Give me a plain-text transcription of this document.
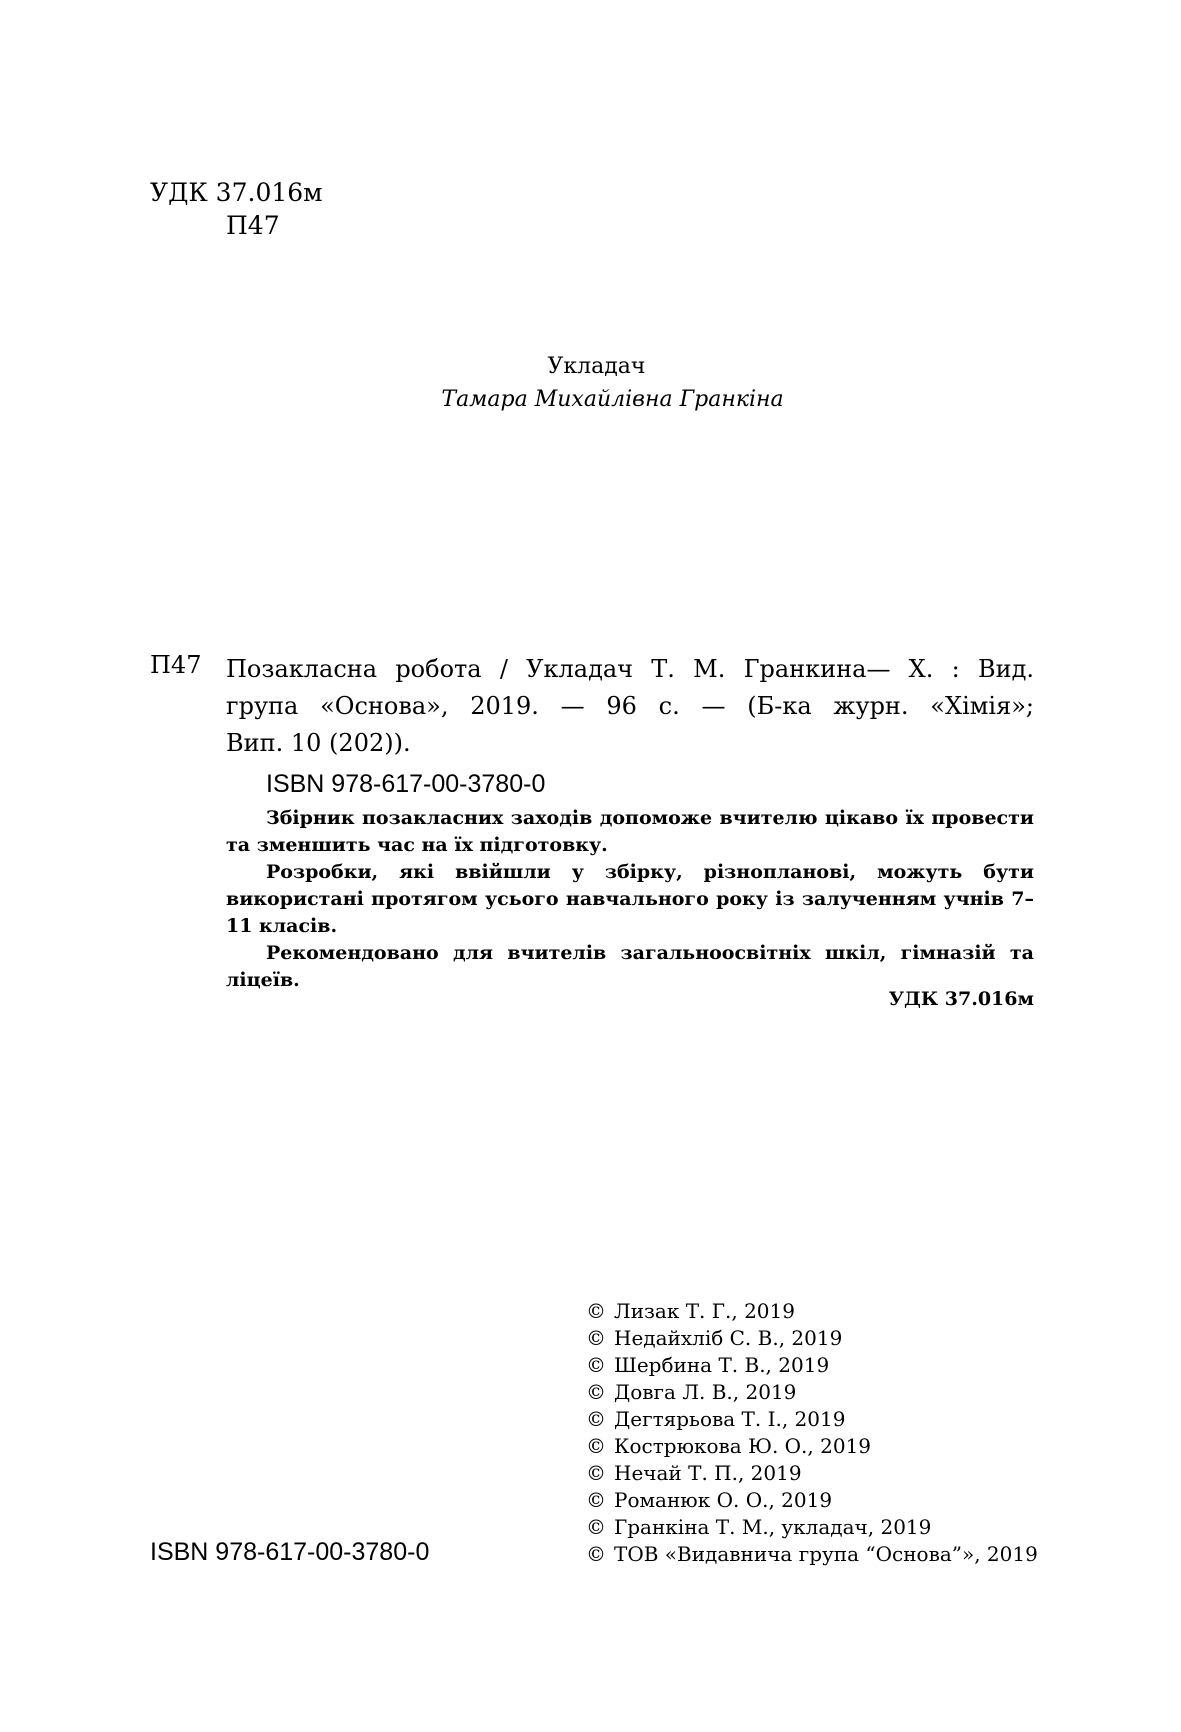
УДК 37.016м
П47
Укладач
Тамара Михайлівна Гранкіна
П47 Позакласна робота / Укладач Т. М. Гранкина— Х. : Вид.
група «Основа», 2019. — 96 с. — (Б-ка журн. «Хімія»;
Вип. 10 (202)).
ISBN 978-617-00-3780-0

Збірник позакласних заходів допоможе вчителю цікаво їх провести та зменшить час на їх підготовку.

Розробки, які ввійшли у збірку, різнопланові, можуть бути використані протягом усього навчального року із залученням учнів 7–11 класів.

Рекомендовано для вчителів загальноосвітніх шкіл, гімназій та ліцеїв.

УДК 37.016м
© Лизак Т. Г., 2019
© Недайхліб С. В., 2019
© Шербина Т. В., 2019
© Довга Л. В., 2019
© Дегтярьова Т. І., 2019
© Кострюкова Ю. О., 2019
© Нечай Т. П., 2019
© Романюк О. О., 2019
© Гранкіна Т. М., укладач, 2019
© ТОВ «Видавнича група “Основа”», 2019
ISBN 978-617-00-3780-0
